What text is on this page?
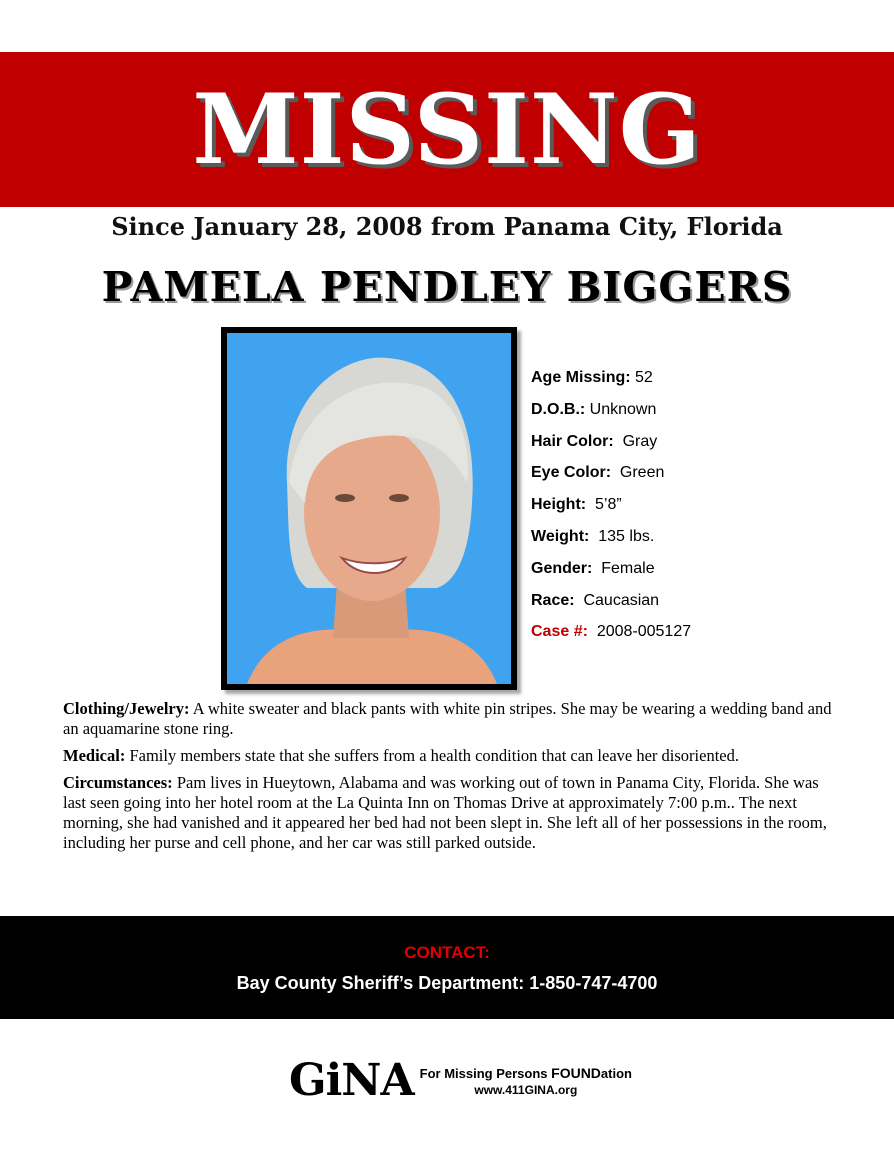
MISSING
Since January 28, 2008 from Panama City, Florida
PAMELA PENDLEY BIGGERS
Age Missing: 52
D.O.B.: Unknown
Hair Color:  Gray
Eye Color:  Green
Height:  5’8”
Weight:  135 lbs.
Gender:  Female
Race:  Caucasian
Case #:  2008-005127

Clothing/Jewelry: A white sweater and black pants with white pin stripes. She may be wearing a wedding band and an aquamarine stone ring.

Medical: Family members state that she suffers from a health condition that can leave her disoriented.

Circumstances: Pam lives in Hueytown, Alabama and was working out of town in Panama City, Florida. She was last seen going into her hotel room at the La Quinta Inn on Thomas Drive at approximately 7:00 p.m.. The next morning, she had vanished and it appeared her bed had not been slept in. She left all of her possessions in the room, including her purse and cell phone, and her car was still parked outside.

CONTACT:
Bay County Sheriff’s Department: 1-850-747-4700
GiNA For Missing Persons FOUNDation
www.411GINA.org
